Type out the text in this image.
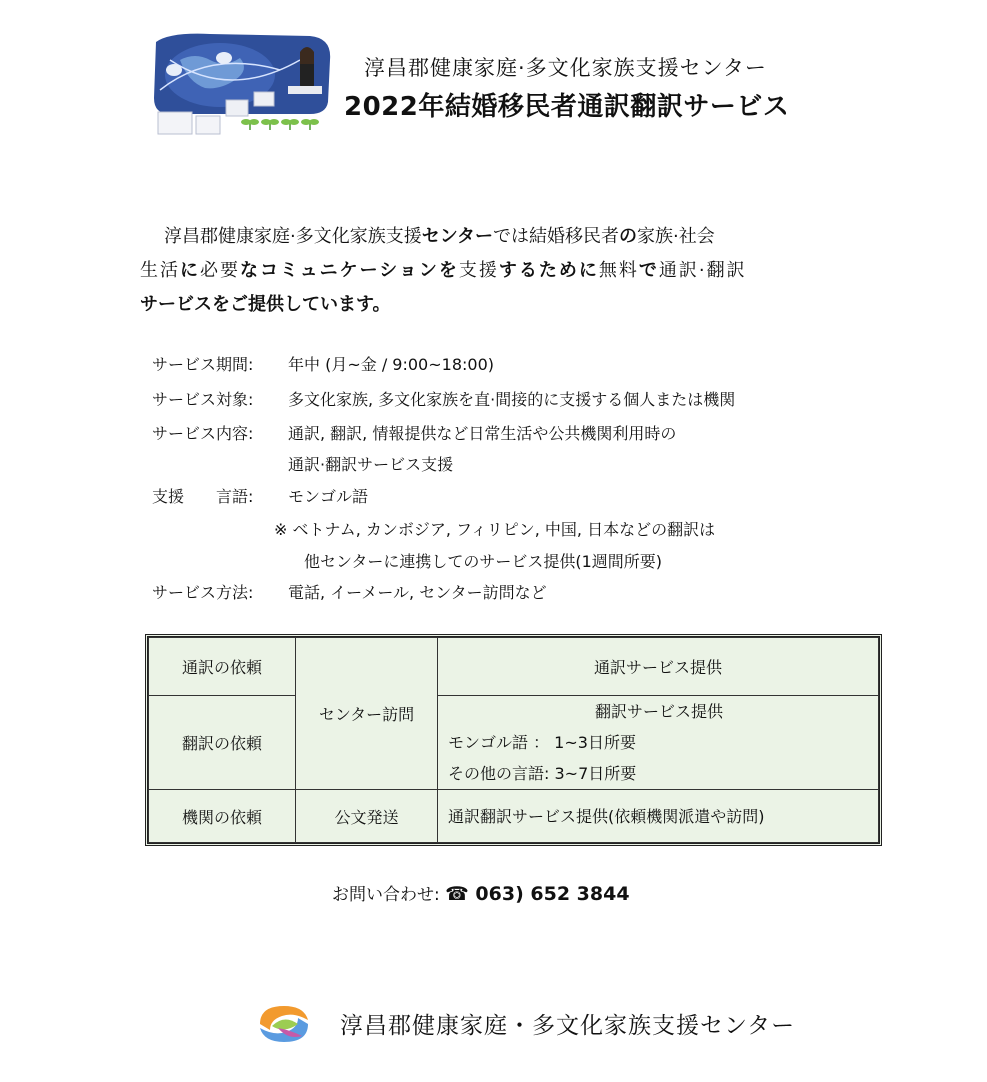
淳昌郡健康家庭·多文化家族支援センター
2022年結婚移民者通訳翻訳サービス

淳昌郡健康家庭·多文化家族支援センターでは結婚移民者の家族·社会

生活に必要なコミュニケーションを支援するために無料で通訳·翻訳

サービスをご提供しています。

サービス期間: 年中 (月~金 / 9:00~18:00)
サービス対象: 多文化家族, 多文化家族を直·間接的に支援する個人または機関
サービス内容: 通訳, 翻訳, 情報提供など日常生活や公共機関利用時の
通訳·翻訳サービス支援
支援　　言語: モンゴル語
※ ベトナム, カンボジア, フィリピン, 中国, 日本などの翻訳は
他センターに連携してのサービス提供(1週間所要)
サービス方法: 電話, イーメール, センター訪問など
通訳の依頼	センター訪問	通訳サービス提供
翻訳の依頼		翻訳サービス提供
モンゴル語 ： 1~3日所要
その他の言語: 3~7日所要

機関の依頼	公文発送	通訳翻訳サービス提供(依頼機関派遣や訪問)
お問い合わせ: ☎ 063) 652 3844
淳昌郡健康家庭・多文化家族支援センター
